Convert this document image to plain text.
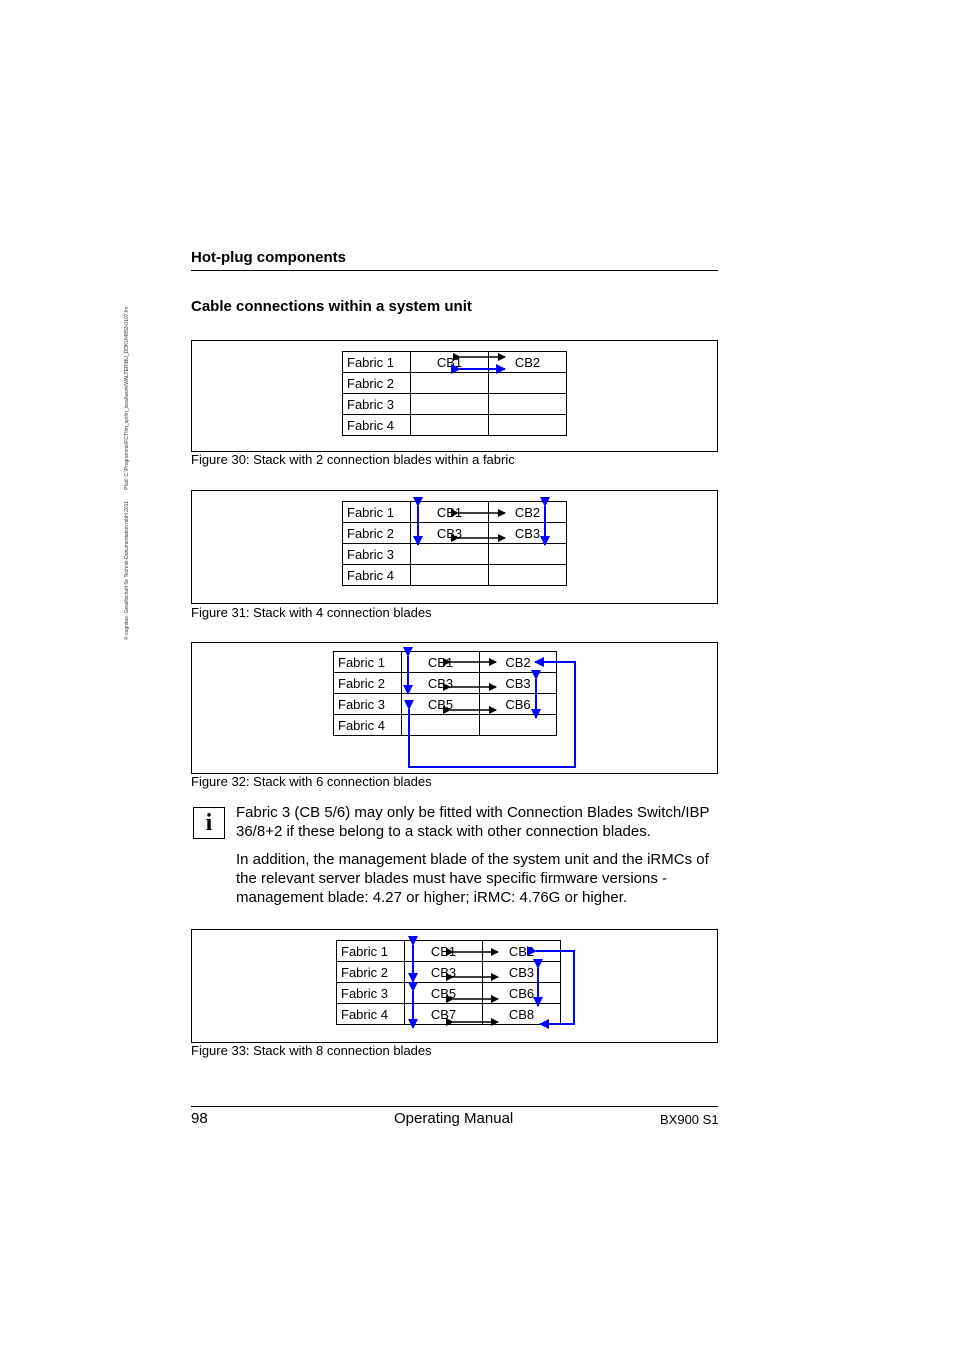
© cognitas. Gesellschaft für Technik-Dokumentation mbH 2011 Pfad: C:\Programme\FCT\fm_sp\fm_local\work\WALTER\BU_DOKU\4853-0107.fm
Hot-plug components
Cable connections within a system unit
Fabric 1	CB1	CB2
Fabric 2		
Fabric 3		
Fabric 4		
Figure 30: Stack with 2 connection blades within a fabric
Fabric 1	CB1	CB2
Fabric 2	CB3	CB3
Fabric 3		
Fabric 4		
Figure 31: Stack with 4 connection blades
Fabric 1	CB1	CB2
Fabric 2	CB3	CB3
Fabric 3	CB5	CB6
Fabric 4		
Figure 32: Stack with 6 connection blades
i	Fabric 3 (CB 5/6) may only be fitted with Connection Blades Switch/IBP 36/8+2 if these belong to a stack with other connection blades.
In addition, the management blade of the system unit and the iRMCs of the relevant server blades must have specific firmware versions - management blade: 4.27 or higher; iRMC: 4.76G or higher.
Fabric 1	CB1	CB2
Fabric 2	CB3	CB3
Fabric 3	CB5	CB6
Fabric 4	CB7	CB8
Figure 33: Stack with 8 connection blades
98	Operating Manual	BX900 S1
